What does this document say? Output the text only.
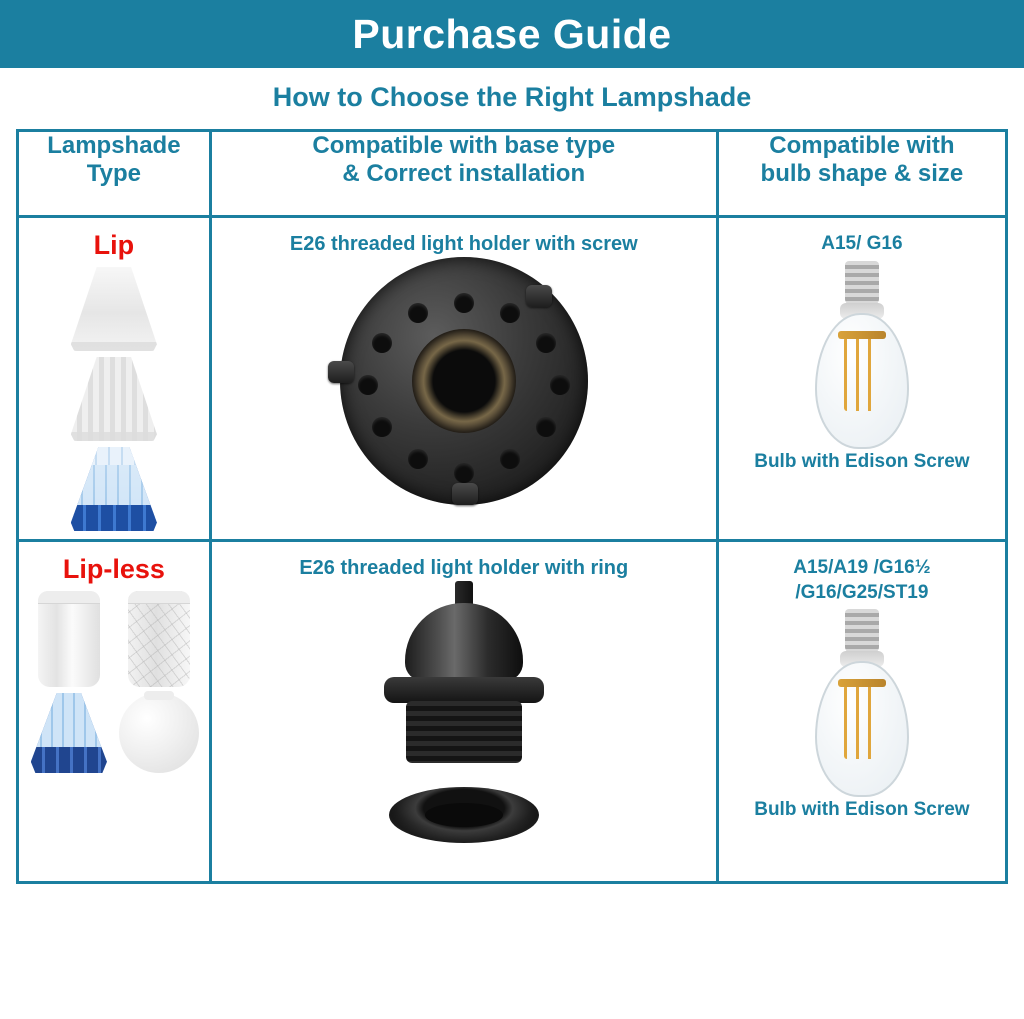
Purchase Guide
How to Choose the Right Lampshade
Lampshade
Type

Compatible with base type
& Correct installation

Compatible with
bulb shape & size

Lip	E26 threaded light holder with screw	A15/ G16
Bulb with Edison Screw

Lip-less	E26 threaded light holder with ring	A15/A19 /G16½
/G16/G25/ST19
Bulb with Edison Screw
